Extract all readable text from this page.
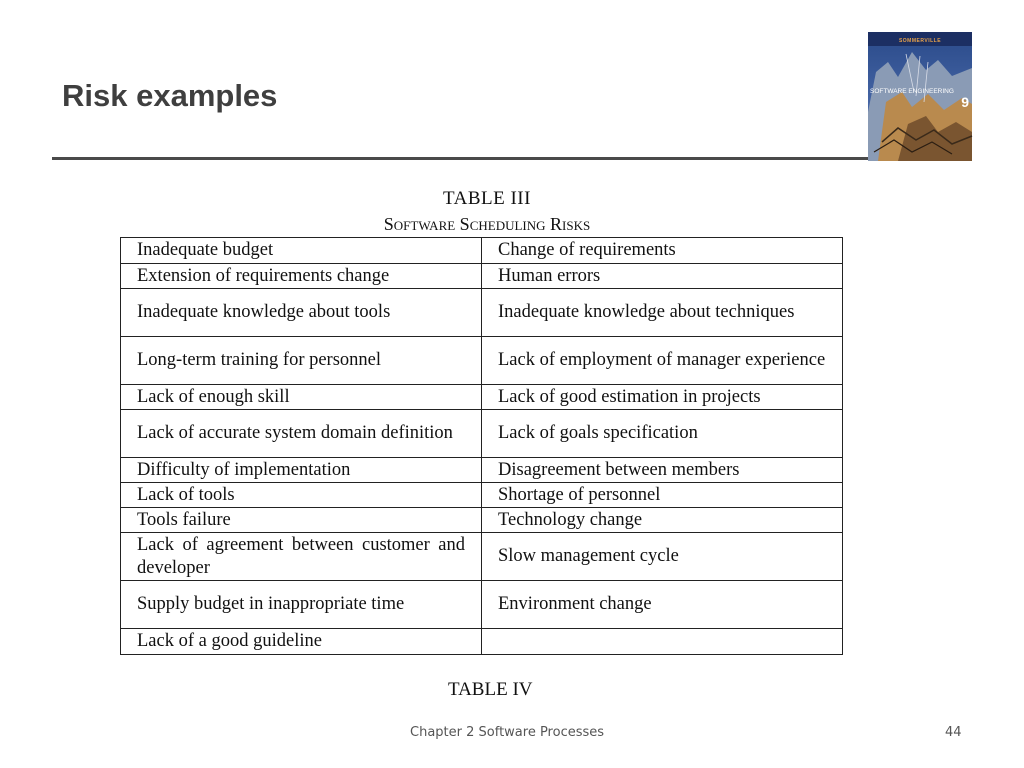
Risk examples
SOMMERVILLE
SOFTWARE ENGINEERING
9
TABLE III
Software Scheduling Risks
Inadequate budget	Change of requirements
Extension of requirements change	Human errors
Inadequate knowledge about tools	Inadequate knowledge about techniques
Long-term training for personnel	Lack of employment of manager experience
Lack of enough skill	Lack of good estimation in projects
Lack of accurate system domain definition	Lack of goals specification
Difficulty of implementation	Disagreement between members
Lack of tools	Shortage of personnel
Tools failure	Technology change
Lack of agreement between customer and developer	Slow management cycle
Supply budget in inappropriate time	Environment change
Lack of a good guideline	
TABLE IV
Chapter 2 Software Processes	44
